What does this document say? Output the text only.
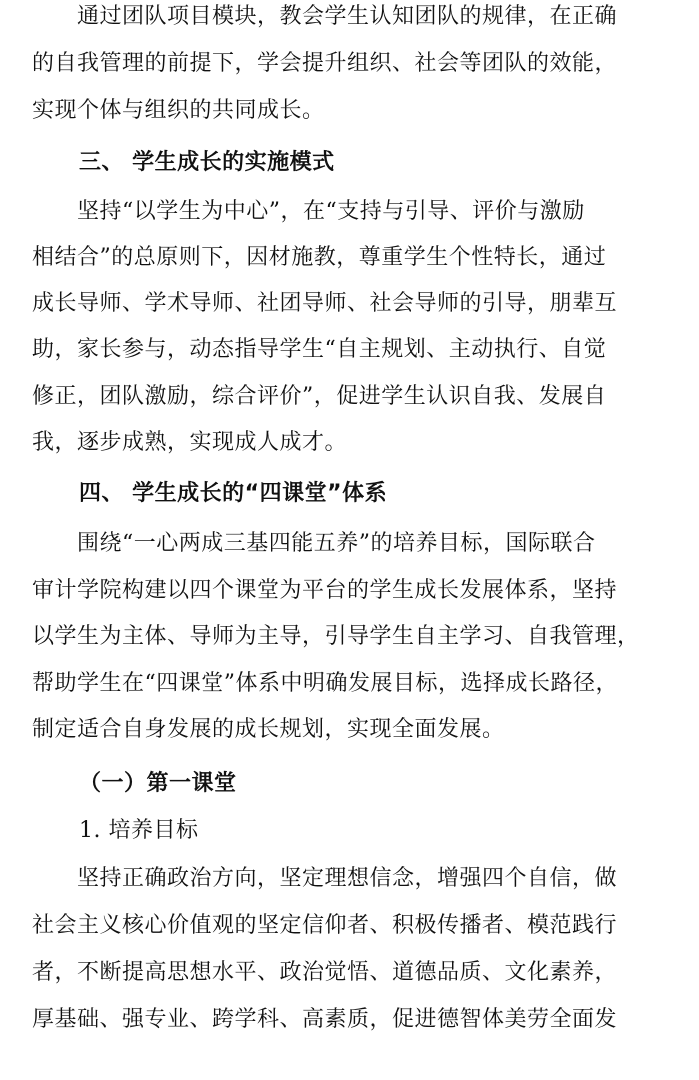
通过团队项目模块，教会学生认知团队的规律，在正确
的自我管理的前提下，学会提升组织、社会等团队的效能，
实现个体与组织的共同成长。
三、 学生成长的实施模式
坚持“以学生为中心”，在“支持与引导、评价与激励
相结合”的总原则下，因材施教，尊重学生个性特长，通过
成长导师、学术导师、社团导师、社会导师的引导，朋辈互
助，家长参与，动态指导学生“自主规划、主动执行、自觉
修正，团队激励，综合评价”，促进学生认识自我、发展自
我，逐步成熟，实现成人成才。
四、 学生成长的“四课堂”体系
围绕“一心两成三基四能五养”的培养目标，国际联合
审计学院构建以四个课堂为平台的学生成长发展体系，坚持
以学生为主体、导师为主导，引导学生自主学习、自我管理，
帮助学生在“四课堂”体系中明确发展目标，选择成长路径，
制定适合自身发展的成长规划，实现全面发展。
（一）第一课堂
1. 培养目标
坚持正确政治方向，坚定理想信念，增强四个自信，做
社会主义核心价值观的坚定信仰者、积极传播者、模范践行
者，不断提高思想水平、政治觉悟、道德品质、文化素养，
厚基础、强专业、跨学科、高素质，促进德智体美劳全面发
